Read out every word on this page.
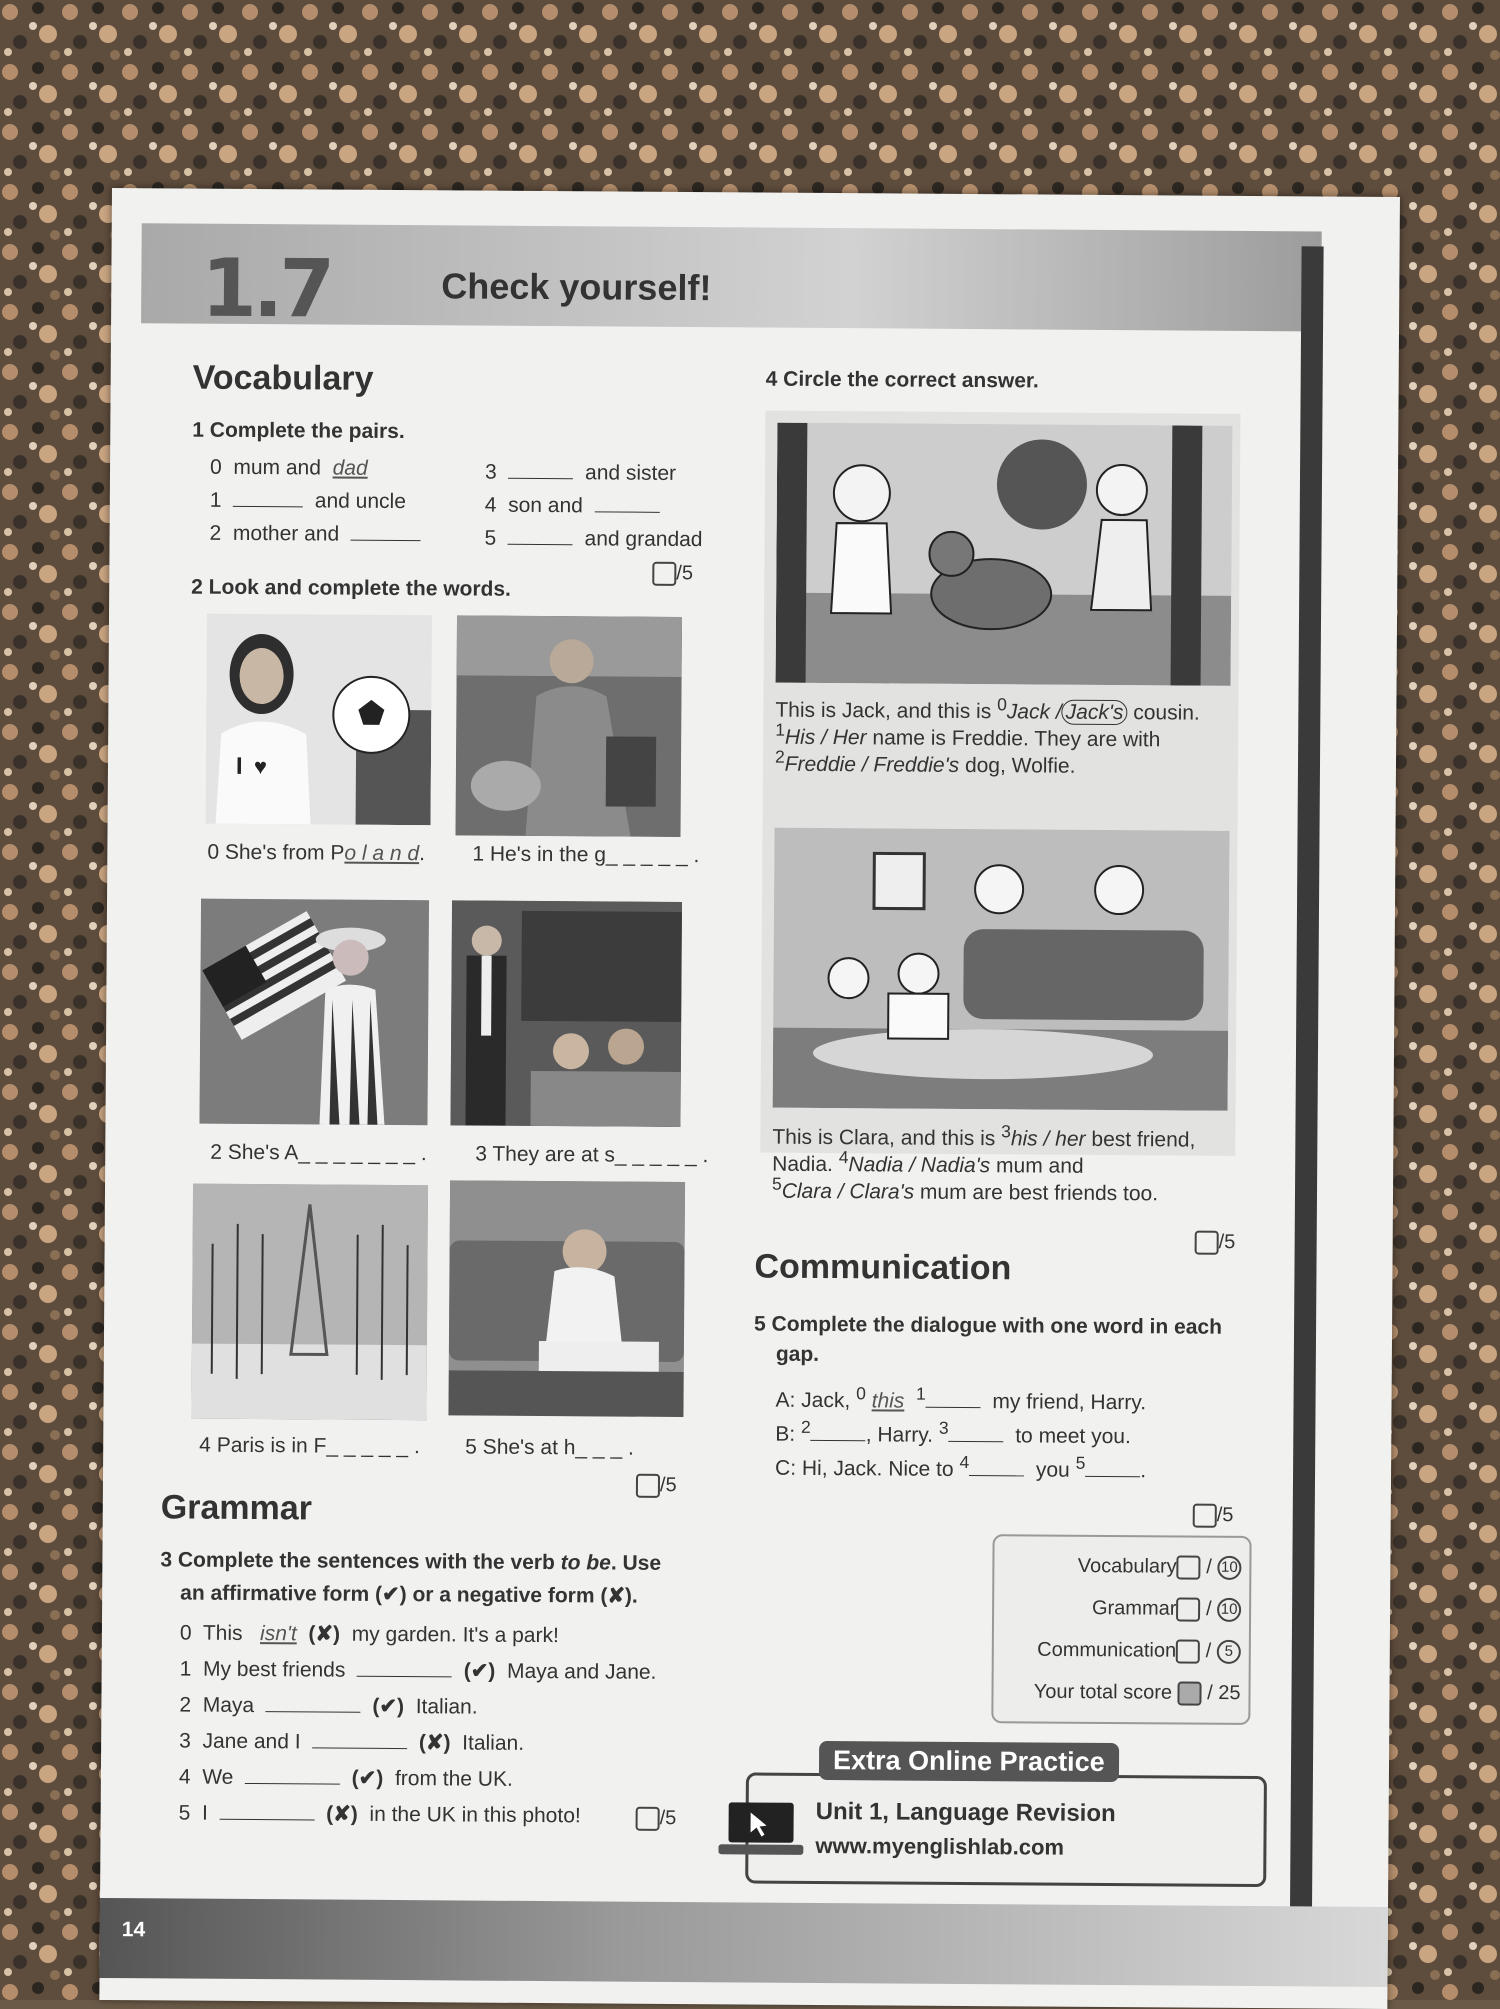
1.7	Check yourself!
Vocabulary
1 Complete the pairs.
0 mum and dad
1	and uncle
2 mother and
3	and sister
4 son and
5	and grandad
/5
2 Look and complete the words.
I ♥
0 She's from Po l a n d. 1 He's in the g_ _ _ _ _ .
2 She's A_ _ _ _ _ _ _ . 3 They are at s_ _ _ _ _ .
4 Paris is in F_ _ _ _ _ . 5 She's at h_ _ _ .
/5
Grammar
3 Complete the sentences with the verb to be. Use
an affirmative form (✔) or a negative form (✘).
0 This isn't (✘) my garden. It's a park!
1 My best friends	(✔) Maya and Jane.
2 Maya	(✔) Italian.
3 Jane and I	(✘) Italian.
4 We	(✔) from the UK.
5 I	(✘) in the UK in this photo!	/5
4 Circle the correct answer.
This is Jack, and this is $^0$Jack / Jack's cousin.
$^1$His / Her name is Freddie. They are with
$^2$Freddie / Freddie's dog, Wolfie.
This is Clara, and this is $^3$his / her best friend,
Nadia. $^4$Nadia / Nadia's mum and
$^5$Clara / Clara's mum are best friends too.
/5
Communication
5 Complete the dialogue with one word in each
gap.
A: Jack, $^0$ this $^1$	my friend, Harry.
B: $^2$	, Harry. $^3$	to meet you.
C: Hi, Jack. Nice to $^4$	you $^5$	.
/5
Vocabulary / 10
Grammar / 10
Communication / 5
Your total score / 25
Extra Online Practice
Unit 1, Language Revision
www.myenglishlab.com
14
